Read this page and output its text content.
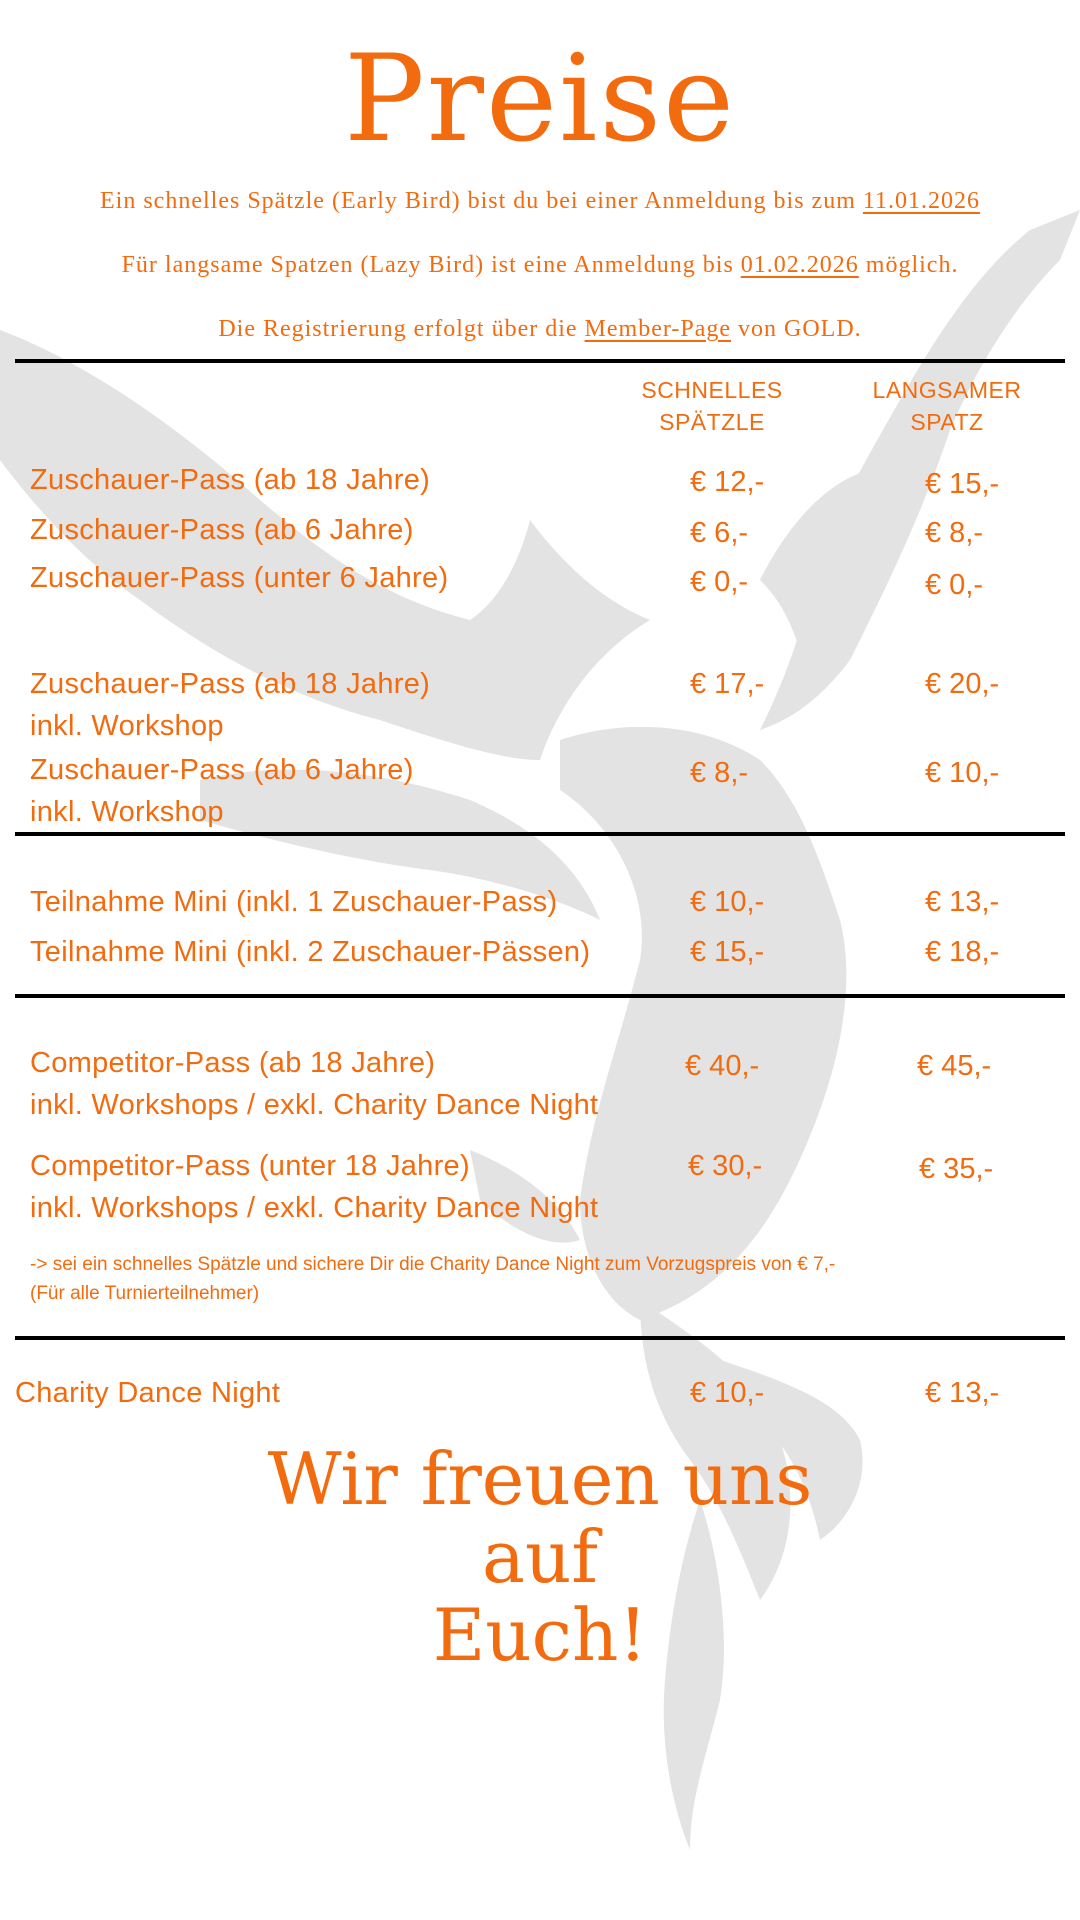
Preise
Ein schnelles Spätzle (Early Bird) bist du bei einer Anmeldung bis zum 11.01.2026
Für langsame Spatzen (Lazy Bird) ist eine Anmeldung bis 01.02.2026 möglich.
Die Registrierung erfolgt über die Member-Page von GOLD.
SCHNELLES SPÄTZLE
LANGSAMER SPATZ
Zuschauer-Pass (ab 18 Jahre)	€ 12,-	€ 15,-
Zuschauer-Pass (ab 6 Jahre)	€ 6,-	€ 8,-
Zuschauer-Pass (unter 6 Jahre)	€ 0,-	€ 0,-
Zuschauer-Pass (ab 18 Jahre)
inkl. Workshop
€ 17,-	€ 20,-
Zuschauer-Pass (ab 6 Jahre)
inkl. Workshop
€ 8,-	€ 10,-
Teilnahme Mini (inkl. 1 Zuschauer-Pass)	€ 10,-	€ 13,-
Teilnahme Mini (inkl. 2 Zuschauer-Pässen)	€ 15,-	€ 18,-
Competitor-Pass (ab 18 Jahre)
inkl. Workshops / exkl. Charity Dance Night
€ 40,-	€ 45,-
Competitor-Pass (unter 18 Jahre)
inkl. Workshops / exkl. Charity Dance Night
€ 30,-	€ 35,-
-> sei ein schnelles Spätzle und sichere Dir die Charity Dance Night zum Vorzugspreis von € 7,-
(Für alle Turnierteilnehmer)
Charity Dance Night	€ 10,-	€ 13,-
Wir freuen uns
auf
Euch!
